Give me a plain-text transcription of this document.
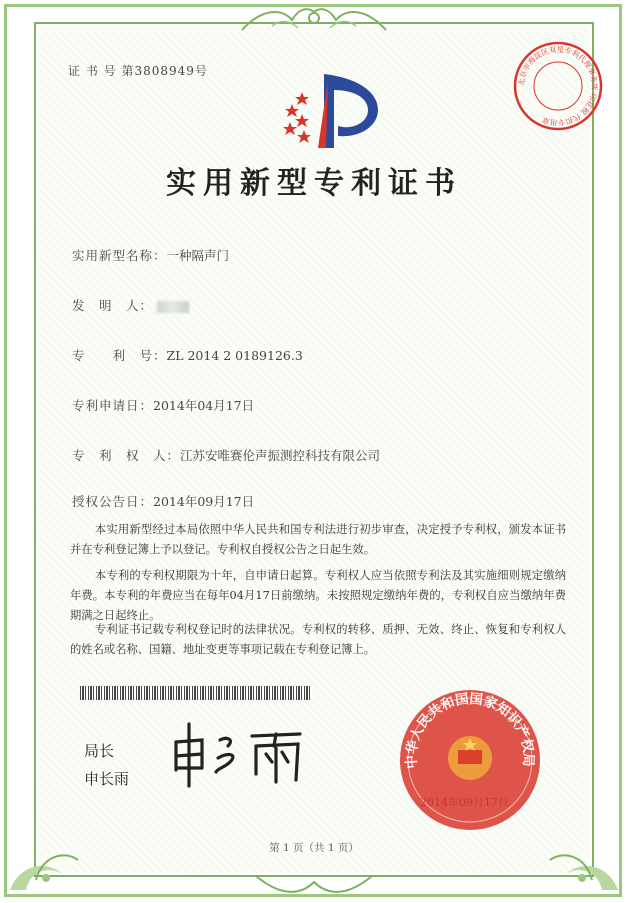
证 书 号 第3808949号
北京市海淀区双星专利代理事务所 印花税 代扣专用章
实用新型专利证书
实用新型名称：一种隔声门
发　明　人：
专　　利　号：ZL 2014 2 0189126.3
专利申请日：2014年04月17日
专　利　权　人：江苏安唯赛伦声振测控科技有限公司
授权公告日：2014年09月17日
本实用新型经过本局依照中华人民共和国专利法进行初步审查，决定授予专利权，颁发本证书并在专利登记簿上予以登记。专利权自授权公告之日起生效。
本专利的专利权期限为十年，自申请日起算。专利权人应当依照专利法及其实施细则规定缴纳年费。本专利的年费应当在每年04月17日前缴纳。未按照规定缴纳年费的，专利权自应当缴纳年费期满之日起终止。
专利证书记载专利权登记时的法律状况。专利权的转移、质押、无效、终止、恢复和专利权人的姓名或名称、国籍、地址变更等事项记载在专利登记簿上。
局长
申长雨
中华人民共和国国家知识产权局
2014年09月17日
第 1 页（共 1 页）
